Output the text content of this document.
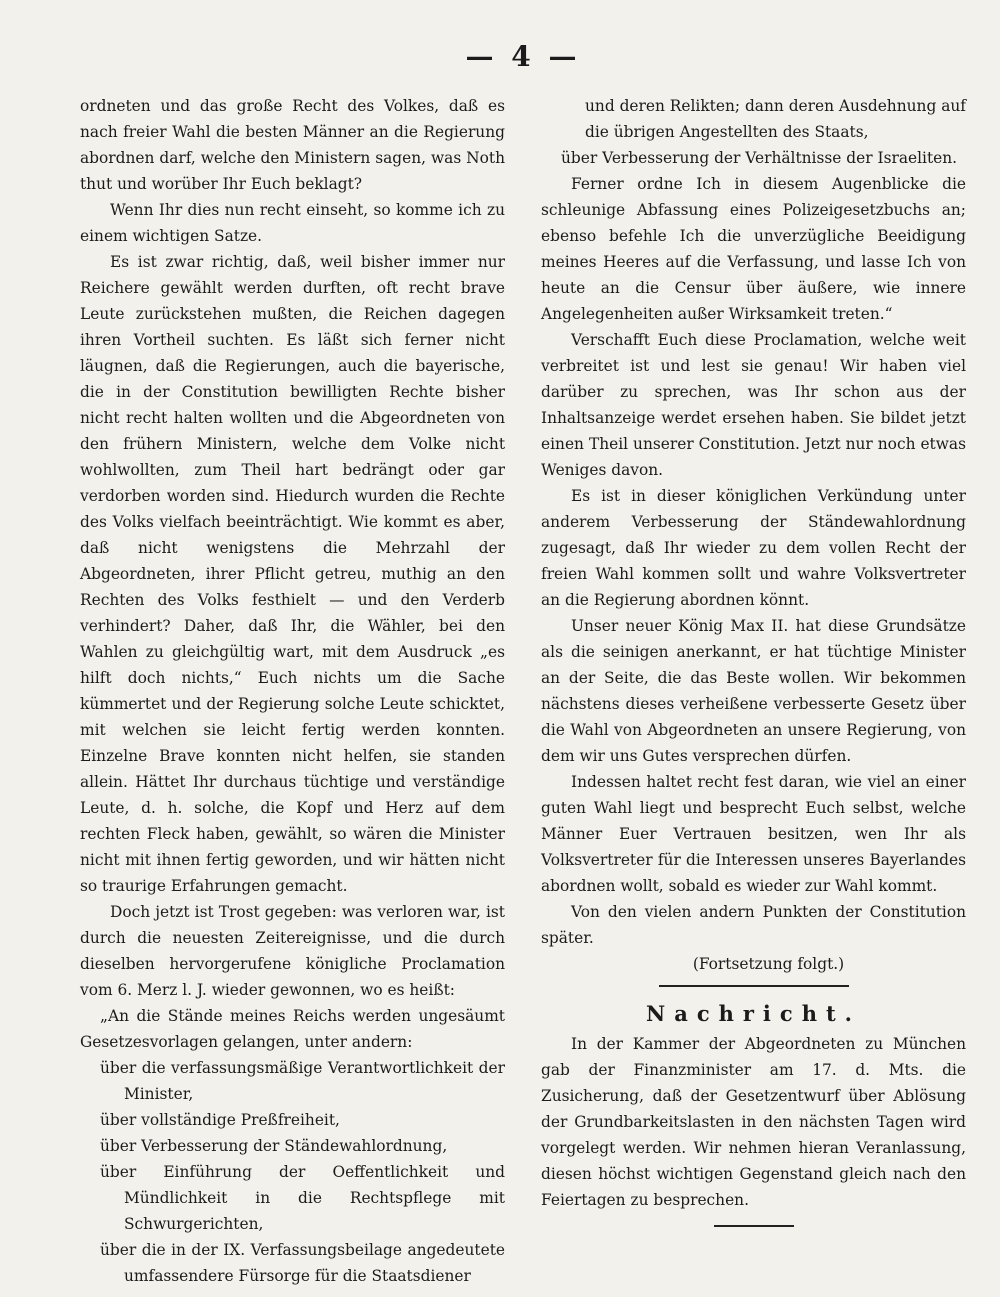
— 4 —

ordneten und das große Recht des Volkes, daß es nach freier Wahl die besten Männer an die Regierung abordnen darf, welche den Ministern sagen, was Noth thut und worüber Ihr Euch beklagt?

Wenn Ihr dies nun recht einseht, so komme ich zu einem wichtigen Satze.

Es ist zwar richtig, daß, weil bisher immer nur Reichere gewählt werden durften, oft recht brave Leute zurückstehen mußten, die Reichen dagegen ihren Vortheil suchten. Es läßt sich ferner nicht läugnen, daß die Regierungen, auch die bayerische, die in der Constitution bewilligten Rechte bisher nicht recht halten wollten und die Abgeordneten von den frühern Ministern, welche dem Volke nicht wohlwollten, zum Theil hart bedrängt oder gar verdorben worden sind. Hiedurch wurden die Rechte des Volks vielfach beeinträchtigt. Wie kommt es aber, daß nicht wenigstens die Mehrzahl der Abgeordneten, ihrer Pflicht getreu, muthig an den Rechten des Volks festhielt — und den Verderb verhindert? Daher, daß Ihr, die Wähler, bei den Wahlen zu gleichgültig wart, mit dem Ausdruck „es hilft doch nichts,“ Euch nichts um die Sache kümmertet und der Regierung solche Leute schicktet, mit welchen sie leicht fertig werden konnten. Einzelne Brave konnten nicht helfen, sie standen allein. Hättet Ihr durchaus tüchtige und verständige Leute, d. h. solche, die Kopf und Herz auf dem rechten Fleck haben, gewählt, so wären die Minister nicht mit ihnen fertig geworden, und wir hätten nicht so traurige Erfahrungen gemacht.

Doch jetzt ist Trost gegeben: was verloren war, ist durch die neuesten Zeitereignisse, und die durch dieselben hervorgerufene königliche Proclamation vom 6. Merz l. J. wieder gewonnen, wo es heißt:

„An die Stände meines Reichs werden ungesäumt Gesetzesvorlagen gelangen, unter andern:

über die verfassungsmäßige Verantwortlichkeit der Minister,
über vollständige Preßfreiheit,
über Verbesserung der Ständewahlordnung,
über Einführung der Oeffentlichkeit und Mündlichkeit in die Rechtspflege mit Schwurgerichten,
über die in der IX. Verfassungsbeilage angedeutete umfassendere Fürsorge für die Staatsdiener
und deren Relikten; dann deren Ausdehnung auf die übrigen Angestellten des Staats,
über Verbesserung der Verhältnisse der Israeliten.

Ferner ordne Ich in diesem Augenblicke die schleunige Abfassung eines Polizeigesetzbuchs an; ebenso befehle Ich die unverzügliche Beeidigung meines Heeres auf die Verfassung, und lasse Ich von heute an die Censur über äußere, wie innere Angelegenheiten außer Wirksamkeit treten.“

Verschafft Euch diese Proclamation, welche weit verbreitet ist und lest sie genau! Wir haben viel darüber zu sprechen, was Ihr schon aus der Inhaltsanzeige werdet ersehen haben. Sie bildet jetzt einen Theil unserer Constitution. Jetzt nur noch etwas Weniges davon.

Es ist in dieser königlichen Verkündung unter anderem Verbesserung der Ständewahlordnung zugesagt, daß Ihr wieder zu dem vollen Recht der freien Wahl kommen sollt und wahre Volksvertreter an die Regierung abordnen könnt.

Unser neuer König Max II. hat diese Grundsätze als die seinigen anerkannt, er hat tüchtige Minister an der Seite, die das Beste wollen. Wir bekommen nächstens dieses verheißene verbesserte Gesetz über die Wahl von Abgeordneten an unsere Regierung, von dem wir uns Gutes versprechen dürfen.

Indessen haltet recht fest daran, wie viel an einer guten Wahl liegt und besprecht Euch selbst, welche Männer Euer Vertrauen besitzen, wen Ihr als Volksvertreter für die Interessen unseres Bayerlandes abordnen wollt, sobald es wieder zur Wahl kommt.

Von den vielen andern Punkten der Constitution später.

(Fortsetzung folgt.)

Nachricht.

In der Kammer der Abgeordneten zu München gab der Finanzminister am 17. d. Mts. die Zusicherung, daß der Gesetzentwurf über Ablösung der Grundbarkeitslasten in den nächsten Tagen wird vorgelegt werden. Wir nehmen hieran Veranlassung, diesen höchst wichtigen Gegenstand gleich nach den Feiertagen zu besprechen.
